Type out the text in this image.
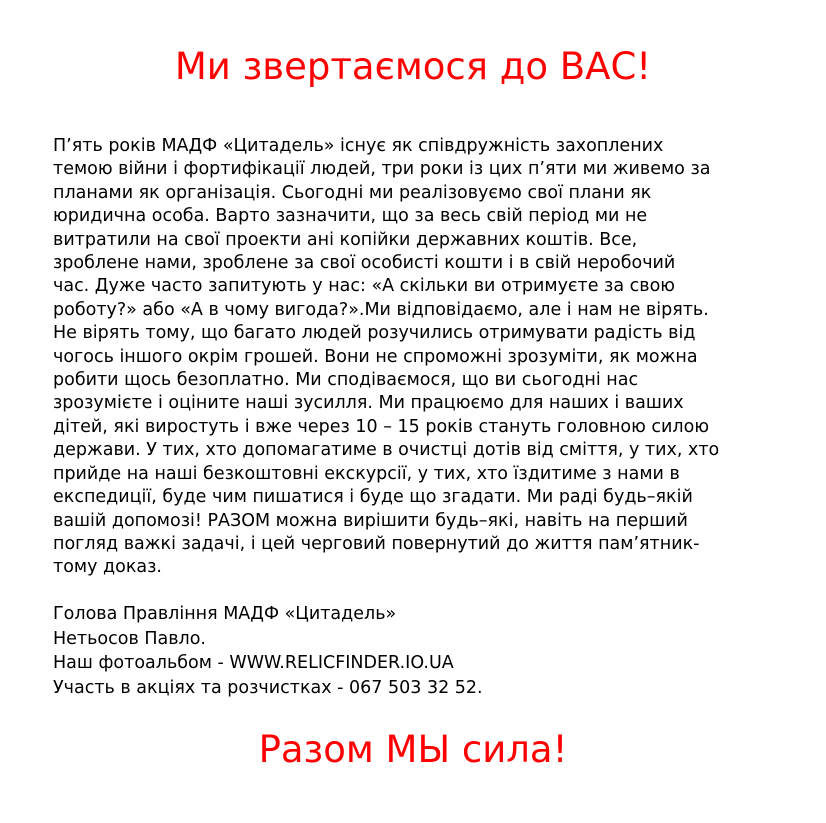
Ми звертаємося до ВАС!
П’ять років МАДФ «Цитадель» існує як співдружність захоплених
темою війни і фортифікації людей, три роки із цих п’яти ми живемо за
планами як організація. Сьогодні ми реалізовуємо свої плани як
юридична особа. Варто зазначити, що за весь свій період ми не
витратили на свої проекти ані копійки державних коштів. Все,
зроблене нами, зроблене за свої особисті кошти і в свій неробочий
час. Дуже часто запитують у нас: «А скільки ви отримуєте за свою
роботу?» або «А в чому вигода?».Ми відповідаємо, але і нам не вірять.
Не вірять тому, що багато людей розучились отримувати радість від
чогось іншого окрім грошей. Вони не спроможні зрозуміти, як можна
робити щось безоплатно. Ми сподіваємося, що ви сьогодні нас
зрозумієте і оціните наші зусилля. Ми працюємо для наших і ваших
дітей, які виростуть і вже через 10 – 15 років стануть головною силою
держави. У тих, хто допомагатиме в очистці дотів від сміття, у тих, хто
прийде на наші безкоштовні екскурсії, у тих, хто їздитиме з нами в
експедиції, буде чим пишатися і буде що згадати. Ми раді будь–якій
вашій допомозі! РАЗОМ можна вирішити будь–які, навіть на перший
погляд важкі задачі, і цей черговий повернутий до життя пам’ятник-
тому доказ.
Голова Правління МАДФ «Цитадель»
Нетьосов Павло.
Наш фотоальбом - WWW.RELICFINDER.IO.UA
Участь в акціях та розчистках - 067 503 32 52.
Разом МЫ сила!
